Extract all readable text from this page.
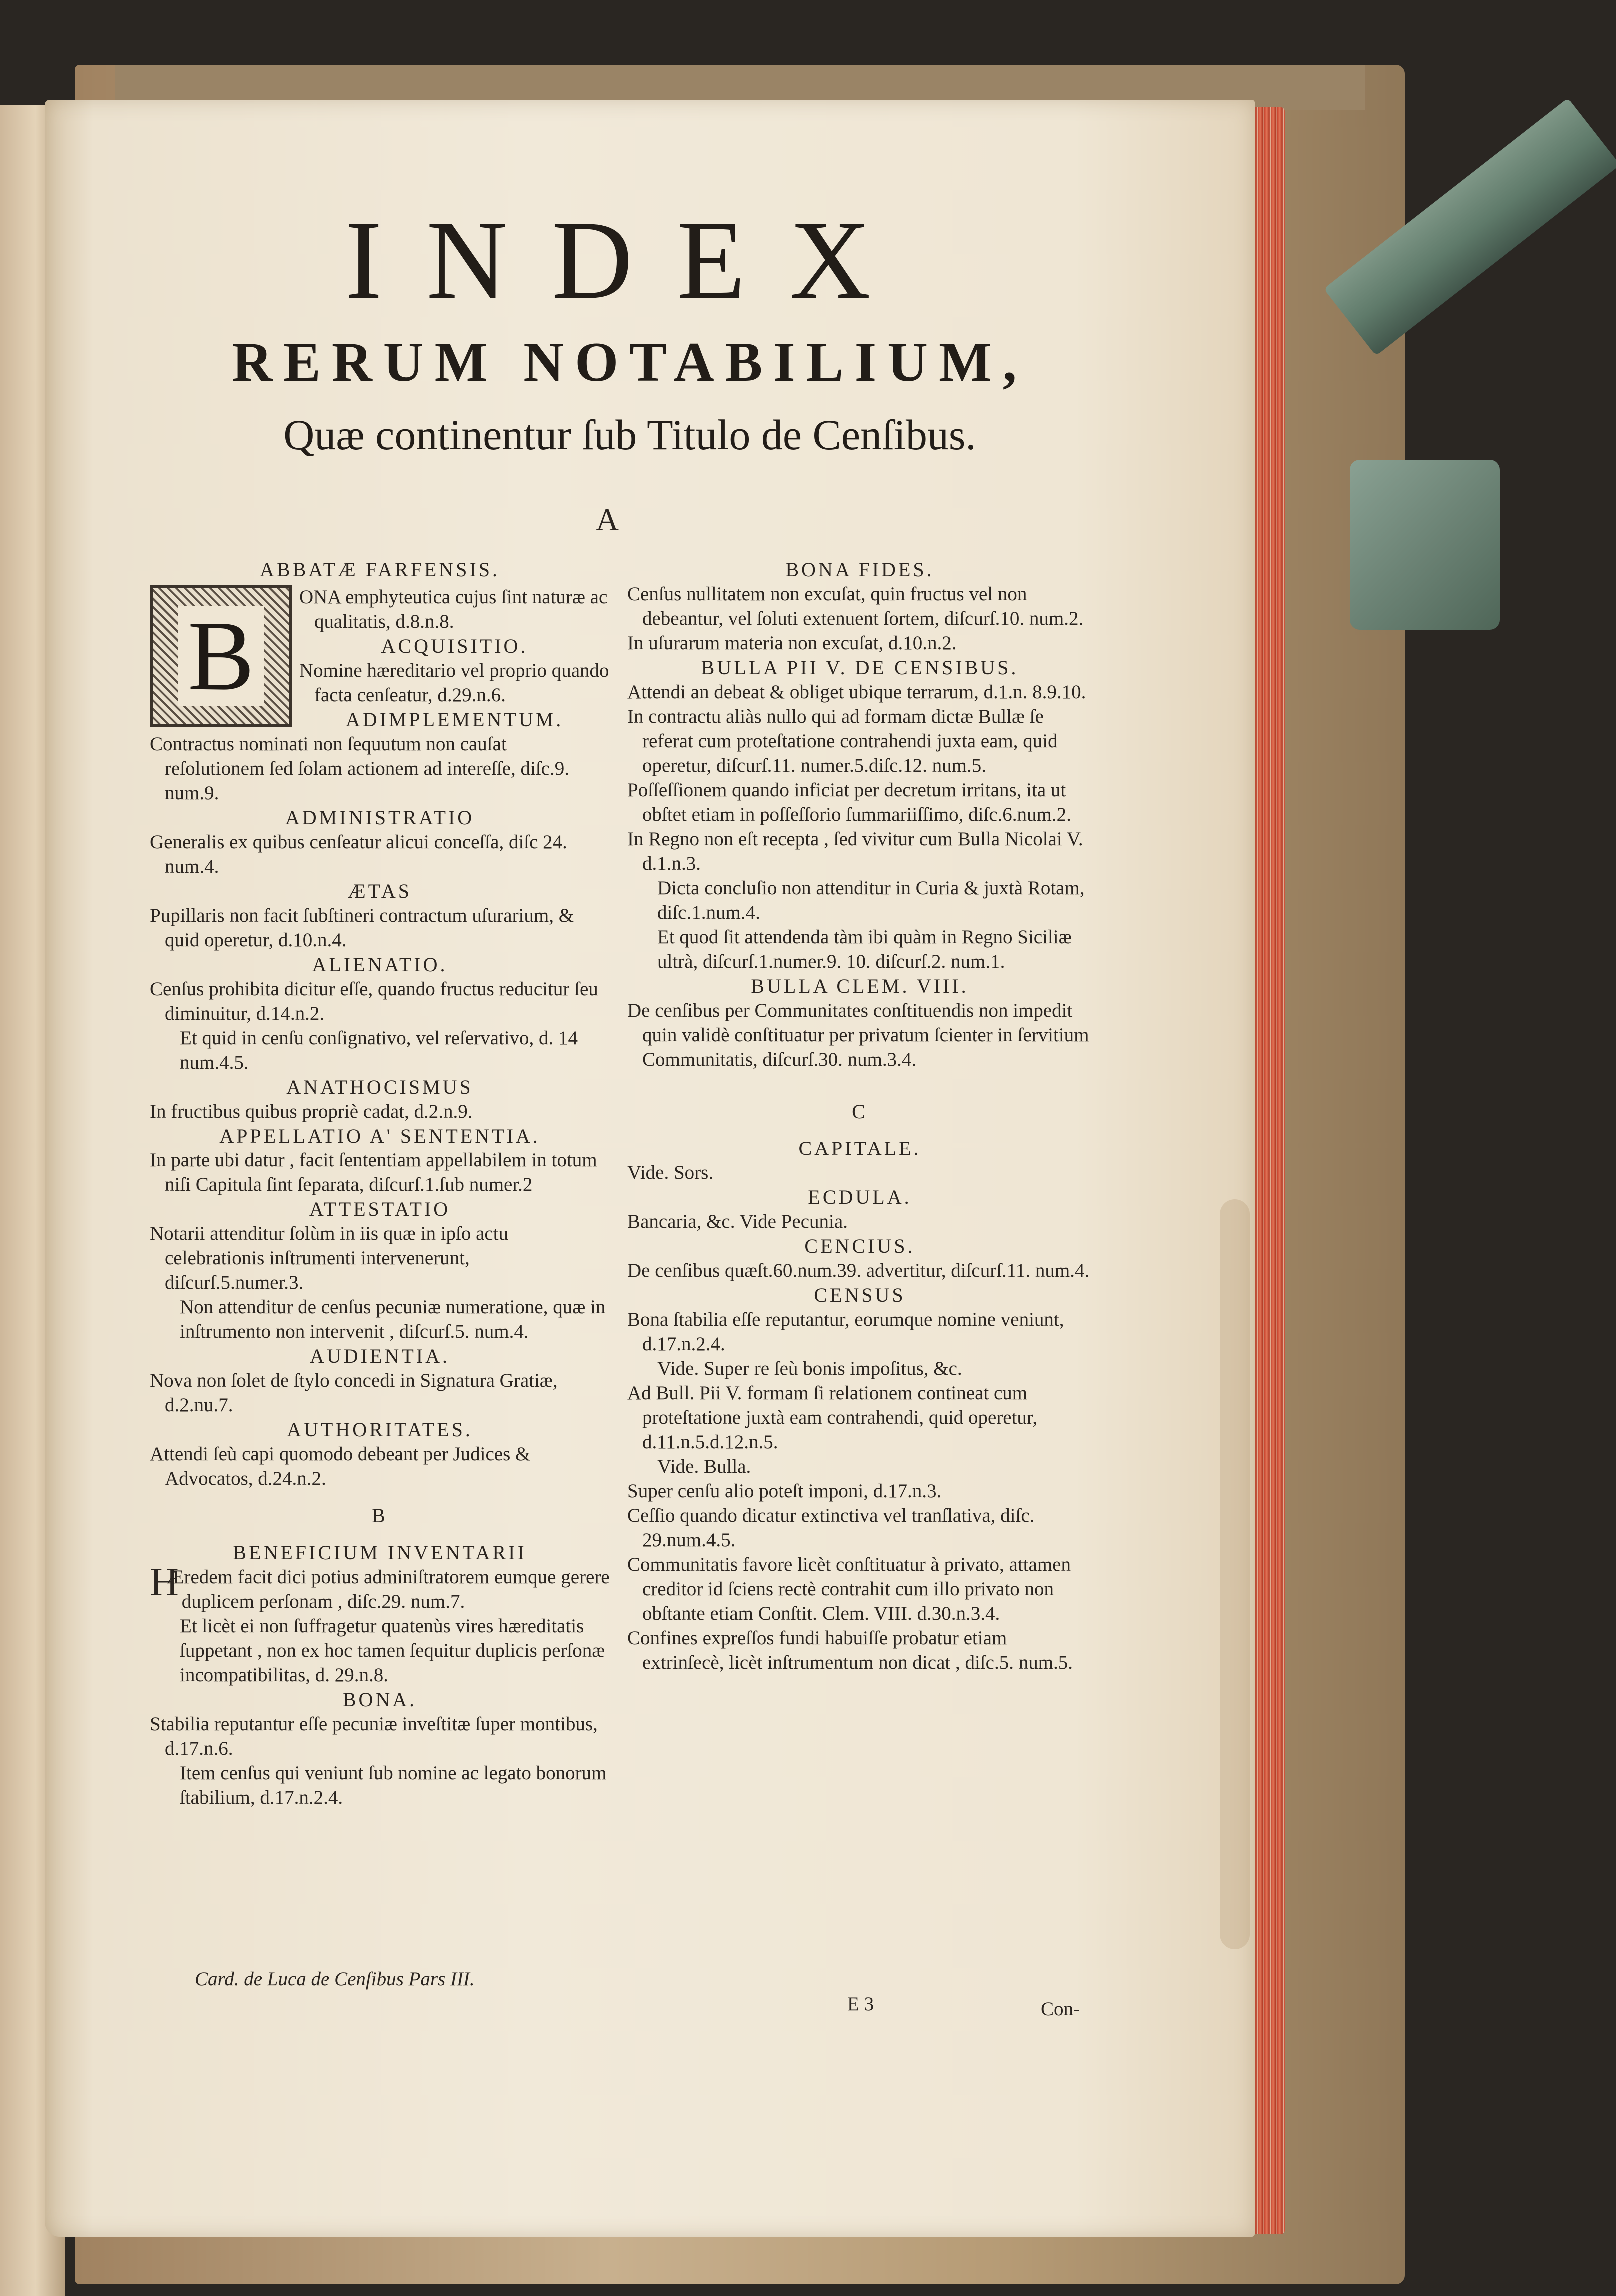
INDEX
RERUM NOTABILIUM,
Quæ continentur ſub Titulo de Cenſibus.
A

ABBATÆ FARFENSIS.

B

ONA emphyteutica cujus ſint naturæ ac qualitatis, d.8.n.8.

ACQUISITIO.

Nomine hæreditario vel proprio quando facta cenſeatur, d.29.n.6.

ADIMPLEMENTUM.

Contractus nominati non ſequutum non cauſat reſolutionem ſed ſolam actionem ad intereſſe, diſc.9. num.9.

ADMINISTRATIO

Generalis ex quibus cenſeatur alicui conceſſa, diſc 24. num.4.

ÆTAS

Pupillaris non facit ſubſtineri contractum uſurarium, & quid operetur, d.10.n.4.

ALIENATIO.

Cenſus prohibita dicitur eſſe, quando fructus reducitur ſeu diminuitur, d.14.n.2.

Et quid in cenſu conſignativo, vel reſervativo, d. 14 num.4.5.

ANATHOCISMUS

In fructibus quibus propriè cadat, d.2.n.9.

APPELLATIO A' SENTENTIA.

In parte ubi datur , facit ſententiam appellabilem in totum niſi Capitula ſint ſeparata, diſcurſ.1.ſub numer.2

ATTESTATIO

Notarii attenditur ſolùm in iis quæ in ipſo actu celebrationis inſtrumenti intervenerunt, diſcurſ.5.numer.3.

Non attenditur de cenſus pecuniæ numeratione, quæ in inſtrumento non intervenit , diſcurſ.5. num.4.

AUDIENTIA.

Nova non ſolet de ſtylo concedi in Signatura Gratiæ, d.2.nu.7.

AUTHORITATES.

Attendi ſeù capi quomodo debeant per Judices & Advocatos, d.24.n.2.

B

BENEFICIUM INVENTARII

H
Æredem facit dici potius adminiſtratorem eumque gerere duplicem perſonam , diſc.29. num.7.

Et licèt ei non ſuffragetur quatenùs vires hæreditatis ſuppetant , non ex hoc tamen ſequitur duplicis perſonæ incompatibilitas, d. 29.n.8.

BONA.

Stabilia reputantur eſſe pecuniæ inveſtitæ ſuper montibus, d.17.n.6.

Item cenſus qui veniunt ſub nomine ac legato bonorum ſtabilium, d.17.n.2.4.

BONA FIDES.

Cenſus nullitatem non excuſat, quin fructus vel non debeantur, vel ſoluti extenuent ſortem, diſcurſ.10. num.2.

In uſurarum materia non excuſat, d.10.n.2.

BULLA PII V. DE CENSIBUS.

Attendi an debeat & obliget ubique terrarum, d.1.n. 8.9.10.

In contractu aliàs nullo qui ad formam dictæ Bullæ ſe referat cum proteſtatione contrahendi juxta eam, quid operetur, diſcurſ.11. numer.5.diſc.12. num.5.

Poſſeſſionem quando inficiat per decretum irritans, ita ut obſtet etiam in poſſeſſorio ſummariiſſimo, diſc.6.num.2.

In Regno non eſt recepta , ſed vivitur cum Bulla Nicolai V. d.1.n.3.

Dicta concluſio non attenditur in Curia & juxtà Rotam, diſc.1.num.4.

Et quod ſit attendenda tàm ibi quàm in Regno Siciliæ ultrà, diſcurſ.1.numer.9. 10. diſcurſ.2. num.1.

BULLA CLEM. VIII.

De cenſibus per Communitates conſtituendis non impedit quin validè conſtituatur per privatum ſcienter in ſervitium Communitatis, diſcurſ.30. num.3.4.

C

CAPITALE.

Vide. Sors.

ECDULA.

Bancaria, &c. Vide Pecunia.

CENCIUS.

De cenſibus quæſt.60.num.39. advertitur, diſcurſ.11. num.4.

CENSUS

Bona ſtabilia eſſe reputantur, eorumque nomine veniunt, d.17.n.2.4.

Vide. Super re ſeù bonis impoſitus, &c.

Ad Bull. Pii V. formam ſi relationem contineat cum proteſtatione juxtà eam contrahendi, quid operetur, d.11.n.5.d.12.n.5.

Vide. Bulla.

Super cenſu alio poteſt imponi, d.17.n.3.

Ceſſio quando dicatur extinctiva vel tranſlativa, diſc. 29.num.4.5.

Communitatis favore licèt conſtituatur à privato, attamen creditor id ſciens rectè contrahit cum illo privato non obſtante etiam Conſtit. Clem. VIII. d.30.n.3.4.

Confines expreſſos fundi habuiſſe probatur etiam extrinſecè, licèt inſtrumentum non dicat , diſc.5. num.5.

Card. de Luca de Cenſibus Pars III.
E 3	Con-
